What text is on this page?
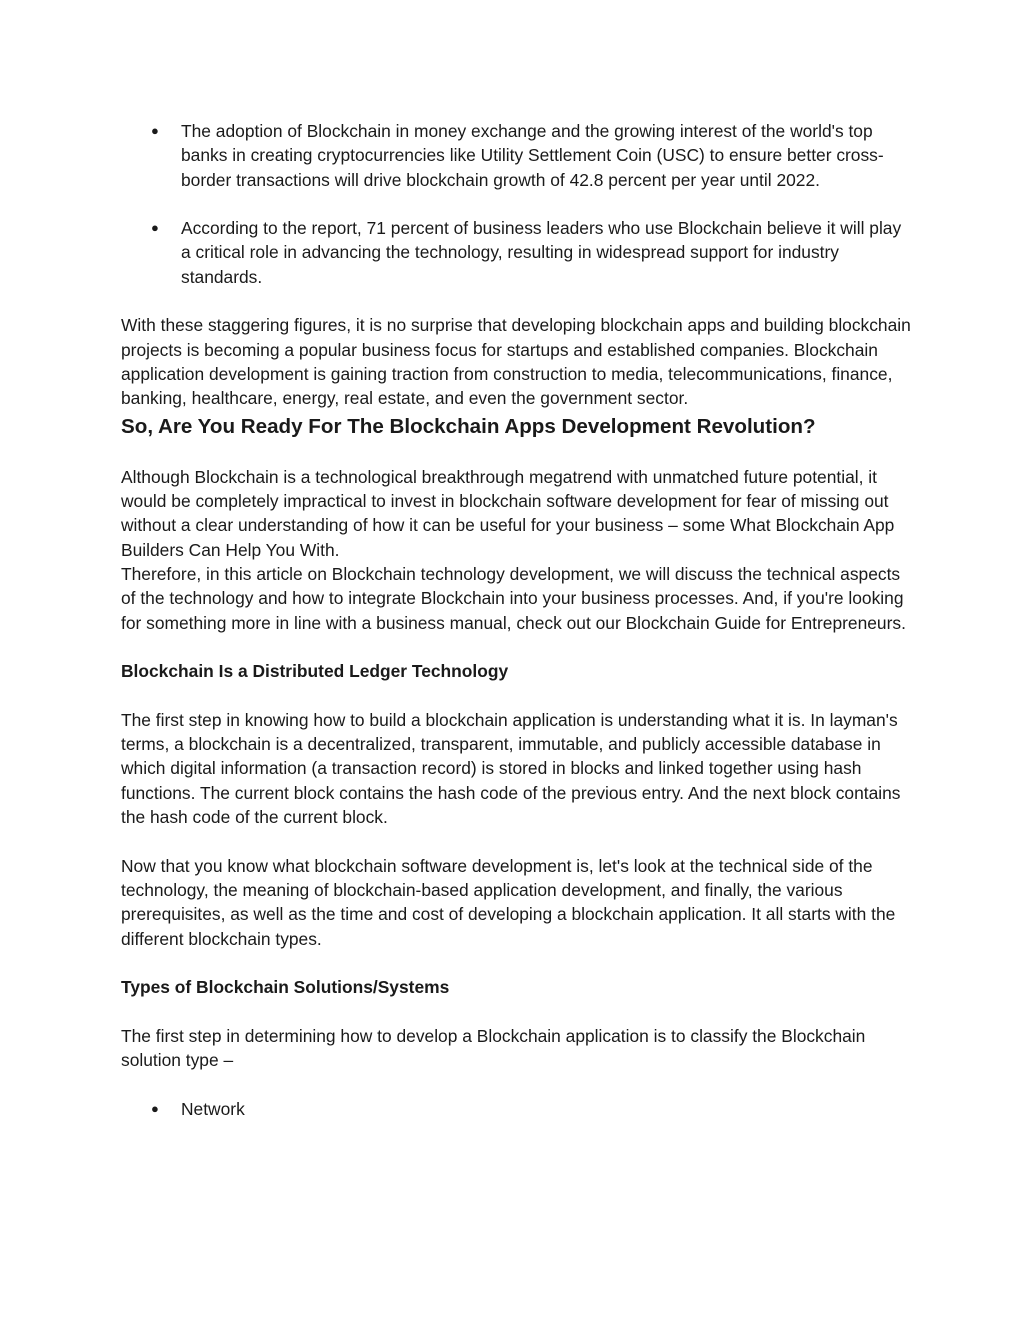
● The adoption of Blockchain in money exchange and the growing interest of the world's top banks in creating cryptocurrencies like Utility Settlement Coin (USC) to ensure better cross-border transactions will drive blockchain growth of 42.8 percent per year until 2022.
● According to the report, 71 percent of business leaders who use Blockchain believe it will play a critical role in advancing the technology, resulting in widespread support for industry standards.

With these staggering figures, it is no surprise that developing blockchain apps and building blockchain projects is becoming a popular business focus for startups and established companies. Blockchain application development is gaining traction from construction to media, telecommunications, finance, banking, healthcare, energy, real estate, and even the government sector.

So, Are You Ready For The Blockchain Apps Development Revolution?

Although Blockchain is a technological breakthrough megatrend with unmatched future potential, it would be completely impractical to invest in blockchain software development for fear of missing out without a clear understanding of how it can be useful for your business – some What Blockchain App Builders Can Help You With.

Therefore, in this article on Blockchain technology development, we will discuss the technical aspects of the technology and how to integrate Blockchain into your business processes. And, if you're looking for something more in line with a business manual, check out our Blockchain Guide for Entrepreneurs.

Blockchain Is a Distributed Ledger Technology

The first step in knowing how to build a blockchain application is understanding what it is. In layman's terms, a blockchain is a decentralized, transparent, immutable, and publicly accessible database in which digital information (a transaction record) is stored in blocks and linked together using hash functions. The current block contains the hash code of the previous entry. And the next block contains the hash code of the current block.

Now that you know what blockchain software development is, let's look at the technical side of the technology, the meaning of blockchain-based application development, and finally, the various prerequisites, as well as the time and cost of developing a blockchain application. It all starts with the different blockchain types.

Types of Blockchain Solutions/Systems

The first step in determining how to develop a Blockchain application is to classify the Blockchain solution type –

● Network
